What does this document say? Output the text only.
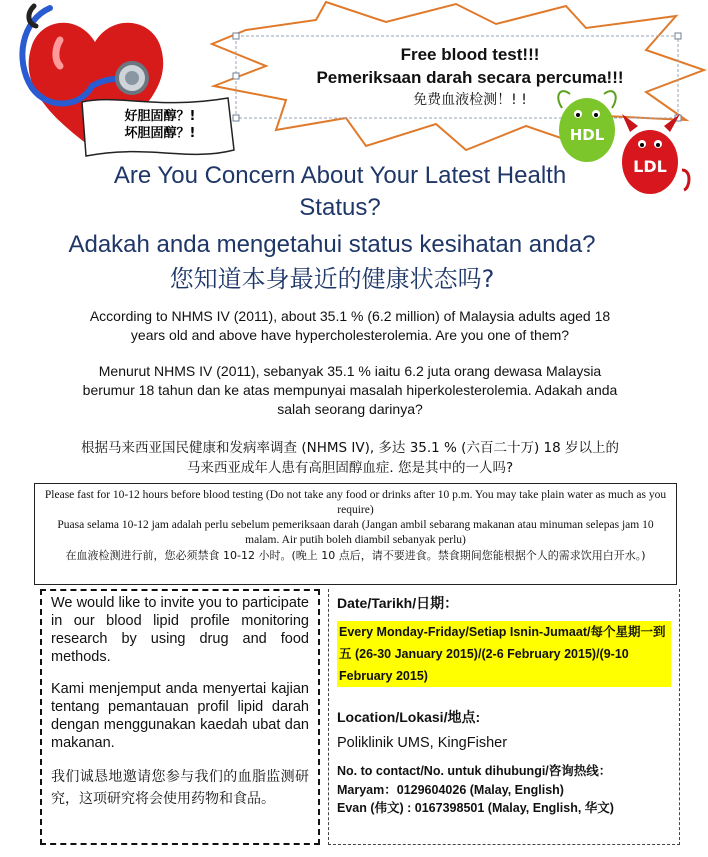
好胆固醇？!
坏胆固醇？!
Free blood test!!!
Pemeriksaan darah secara percuma!!!
免费血液检测！! !
HDL
LDL
Are You Concern About Your Latest Health
Status?
Adakah anda mengetahui status kesihatan anda?
您知道本身最近的健康状态吗?
According to NHMS IV (2011), about 35.1 % (6.2 million) of Malaysia adults aged 18
years old and above have hypercholesterolemia. Are you one of them?
Menurut NHMS IV (2011), sebanyak 35.1 % iaitu 6.2 juta orang dewasa Malaysia
berumur 18 tahun dan ke atas mempunyai masalah hiperkolesterolemia. Adakah anda
salah seorang darinya?
根据马来西亚国民健康和发病率调查 (NHMS IV), 多达 35.1 % (六百二十万) 18 岁以上的
马来西亚成年人患有高胆固醇血症. 您是其中的一人吗?
Please fast for 10-12 hours before blood testing (Do not take any food or drinks after 10 p.m. You may take plain water as much as you require)
Puasa selama 10-12 jam adalah perlu sebelum pemeriksaan darah (Jangan ambil sebarang makanan atau minuman selepas jam 10 malam. Air putih boleh diambil sebanyak perlu)
在血液检测进行前，您必须禁食 10-12 小时。(晚上 10 点后，请不要进食。禁食期间您能根据个人的需求饮用白开水。)

We would like to invite you to participate in our blood lipid profile monitoring research by using drug and food methods.

Kami menjemput anda menyertai kajian tentang pemantauan profil lipid darah dengan menggunakan kaedah ubat dan makanan.

我们诚恳地邀请您参与我们的血脂监测研究，这项研究将会使用药物和食品。

Date/Tarikh/日期：
Every Monday-Friday/Setiap Isnin-Jumaat/每个星期一到五 (26-30 January 2015)/(2-6 February 2015)/(9-10 February 2015)
Location/Lokasi/地点:
Poliklinik UMS, KingFisher
No. to contact/No. untuk dihubungi/咨询热线：
Maryam：0129604026 (Malay, English)
Evan (伟文) : 0167398501 (Malay, English, 华文)
